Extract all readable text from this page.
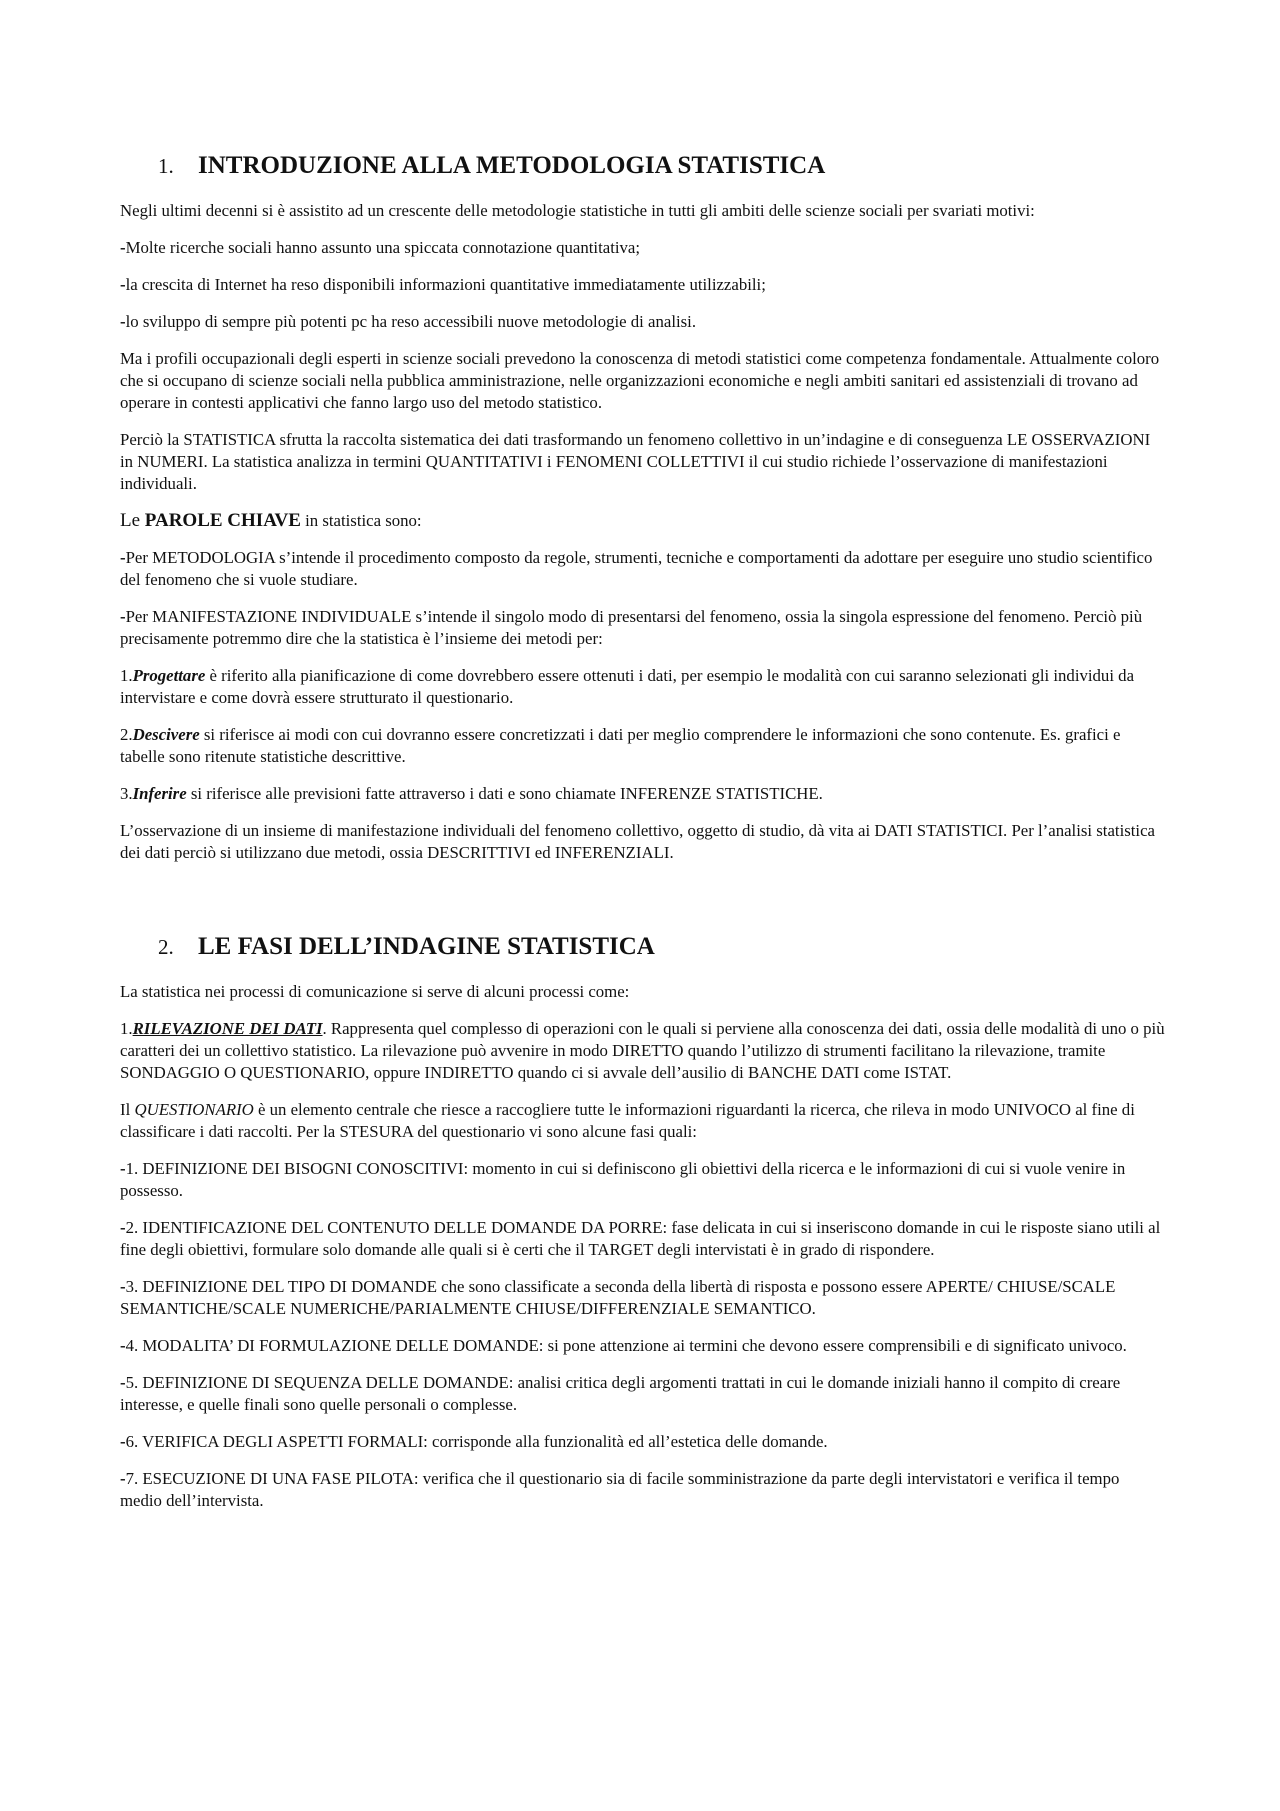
1. INTRODUZIONE ALLA METODOLOGIA STATISTICA

Negli ultimi decenni si è assistito ad un crescente delle metodologie statistiche in tutti gli ambiti delle scienze sociali per svariati motivi:

-Molte ricerche sociali hanno assunto una spiccata connotazione quantitativa;

-la crescita di Internet ha reso disponibili informazioni quantitative immediatamente utilizzabili;

-lo sviluppo di sempre più potenti pc ha reso accessibili nuove metodologie di analisi.

Ma i profili occupazionali degli esperti in scienze sociali prevedono la conoscenza di metodi statistici come competenza fondamentale. Attualmente coloro che si occupano di scienze sociali nella pubblica amministrazione, nelle organizzazioni economiche e negli ambiti sanitari ed assistenziali di trovano ad operare in contesti applicativi che fanno largo uso del metodo statistico.

Perciò la STATISTICA sfrutta la raccolta sistematica dei dati trasformando un fenomeno collettivo in un’indagine e di conseguenza LE OSSERVAZIONI in NUMERI. La statistica analizza in termini QUANTITATIVI i FENOMENI COLLETTIVI il cui studio richiede l’osservazione di manifestazioni individuali.

Le PAROLE CHIAVE in statistica sono:

-Per METODOLOGIA s’intende il procedimento composto da regole, strumenti, tecniche e comportamenti da adottare per eseguire uno studio scientifico del fenomeno che si vuole studiare.

-Per MANIFESTAZIONE INDIVIDUALE s’intende il singolo modo di presentarsi del fenomeno, ossia la singola espressione del fenomeno. Perciò più precisamente potremmo dire che la statistica è l’insieme dei metodi per:

1.Progettare è riferito alla pianificazione di come dovrebbero essere ottenuti i dati, per esempio le modalità con cui saranno selezionati gli individui da intervistare e come dovrà essere strutturato il questionario.

2.Descivere si riferisce ai modi con cui dovranno essere concretizzati i dati per meglio comprendere le informazioni che sono contenute. Es. grafici e tabelle sono ritenute statistiche descrittive.

3.Inferire si riferisce alle previsioni fatte attraverso i dati e sono chiamate INFERENZE STATISTICHE.

L’osservazione di un insieme di manifestazione individuali del fenomeno collettivo, oggetto di studio, dà vita ai DATI STATISTICI. Per l’analisi statistica dei dati perciò si utilizzano due metodi, ossia DESCRITTIVI ed INFERENZIALI.

2. LE FASI DELL’INDAGINE STATISTICA

La statistica nei processi di comunicazione si serve di alcuni processi come:

1.RILEVAZIONE DEI DATI. Rappresenta quel complesso di operazioni con le quali si perviene alla conoscenza dei dati, ossia delle modalità di uno o più caratteri dei un collettivo statistico. La rilevazione può avvenire in modo DIRETTO quando l’utilizzo di strumenti facilitano la rilevazione, tramite SONDAGGIO O QUESTIONARIO, oppure INDIRETTO quando ci si avvale dell’ausilio di BANCHE DATI come ISTAT.

Il QUESTIONARIO è un elemento centrale che riesce a raccogliere tutte le informazioni riguardanti la ricerca, che rileva in modo UNIVOCO al fine di classificare i dati raccolti. Per la STESURA del questionario vi sono alcune fasi quali:

-1. DEFINIZIONE DEI BISOGNI CONOSCITIVI: momento in cui si definiscono gli obiettivi della ricerca e le informazioni di cui si vuole venire in possesso.

-2. IDENTIFICAZIONE DEL CONTENUTO DELLE DOMANDE DA PORRE: fase delicata in cui si inseriscono domande in cui le risposte siano utili al fine degli obiettivi, formulare solo domande alle quali si è certi che il TARGET degli intervistati è in grado di rispondere.

-3. DEFINIZIONE DEL TIPO DI DOMANDE che sono classificate a seconda della libertà di risposta e possono essere APERTE/ CHIUSE/SCALE SEMANTICHE/SCALE NUMERICHE/PARIALMENTE CHIUSE/DIFFERENZIALE SEMANTICO.

-4. MODALITA’ DI FORMULAZIONE DELLE DOMANDE: si pone attenzione ai termini che devono essere comprensibili e di significato univoco.

-5. DEFINIZIONE DI SEQUENZA DELLE DOMANDE: analisi critica degli argomenti trattati in cui le domande iniziali hanno il compito di creare interesse, e quelle finali sono quelle personali o complesse.

-6. VERIFICA DEGLI ASPETTI FORMALI: corrisponde alla funzionalità ed all’estetica delle domande.

-7. ESECUZIONE DI UNA FASE PILOTA: verifica che il questionario sia di facile somministrazione da parte degli intervistatori e verifica il tempo medio dell’intervista.
